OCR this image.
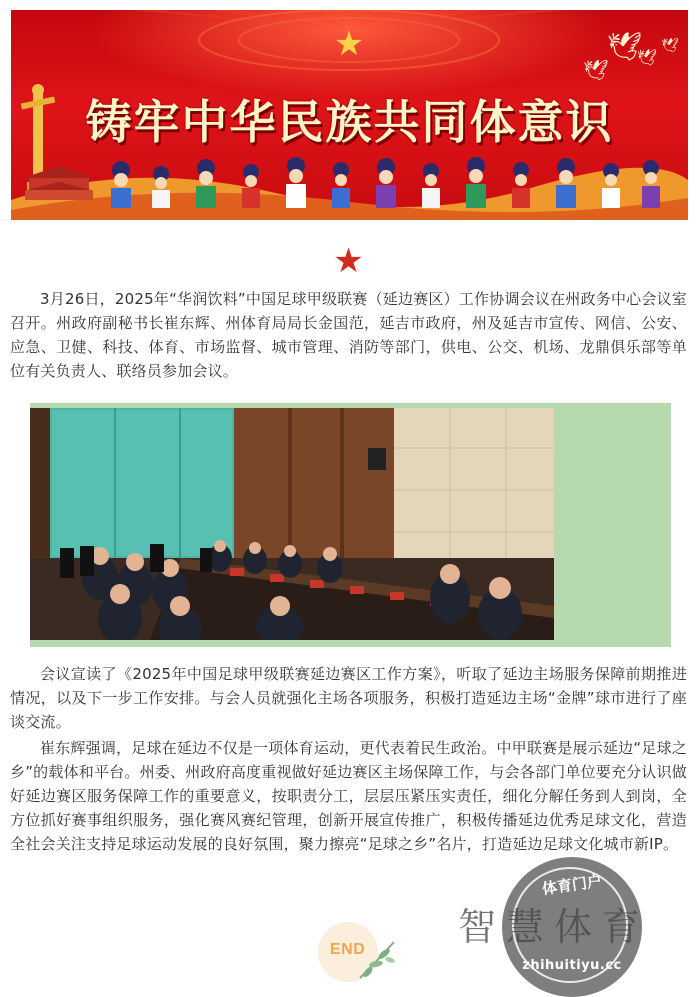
★	🕊
🕊
🕊
🕊
铸牢中华民族共同体意识
★

3月26日，2025年“华润饮料”中国足球甲级联赛（延边赛区）工作协调会议在州政务中心会议室召开。州政府副秘书长崔东辉、州体育局局长金国范，延吉市政府，州及延吉市宣传、网信、公安、应急、卫健、科技、体育、市场监督、城市管理、消防等部门，供电、公交、机场、龙鼎俱乐部等单位有关负责人、联络员参加会议。

会议宣读了《2025年中国足球甲级联赛延边赛区工作方案》，听取了延边主场服务保障前期推进情况，以及下一步工作安排。与会人员就强化主场各项服务，积极打造延边主场“金牌”球市进行了座谈交流。

崔东辉强调，足球在延边不仅是一项体育运动，更代表着民生政治。中甲联赛是展示延边“足球之乡”的载体和平台。州委、州政府高度重视做好延边赛区主场保障工作，与会各部门单位要充分认识做好延边赛区服务保障工作的重要意义，按职责分工，层层压紧压实责任，细化分解任务到人到岗，全方位抓好赛事组织服务，强化赛风赛纪管理，创新开展宣传推广，积极传播延边优秀足球文化，营造全社会关注支持足球运动发展的良好氛围，聚力擦亮“足球之乡”名片，打造延边足球文化城市新IP。

END
体育门户
智慧体育
zhihuitiyu.cc
